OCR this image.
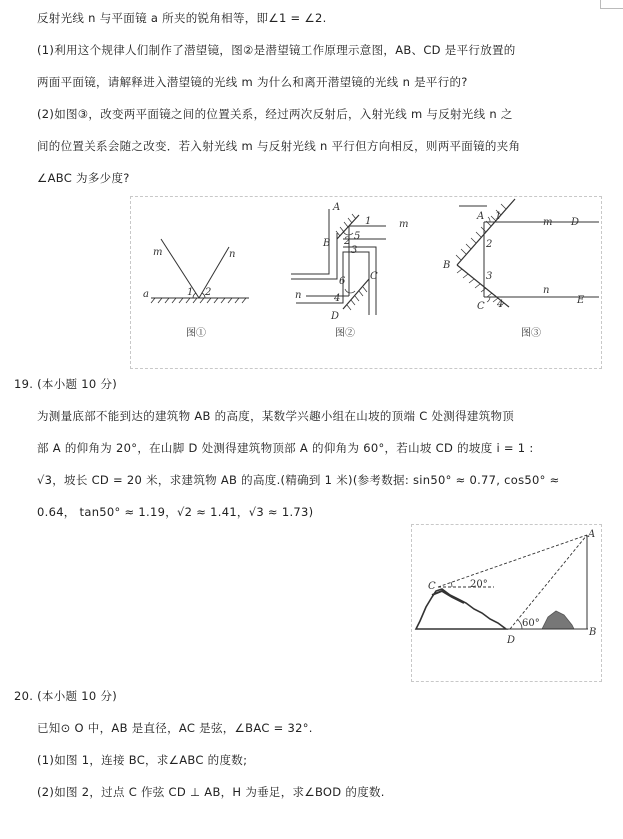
反射光线 n 与平面镜 a 所夹的锐角相等，即∠1 = ∠2.
(1)利用这个规律人们制作了潜望镜，图②是潜望镜工作原理示意图，AB、CD 是平行放置的
两面平面镜，请解释进入潜望镜的光线 m 为什么和离开潜望镜的光线 n 是平行的?
(2)如图③，改变两平面镜之间的位置关系，经过两次反射后，入射光线 m 与反射光线 n 之
间的位置关系会随之改变．若入射光线 m 与反射光线 n 平行但方向相反，则两平面镜的夹角
∠ABC 为多少度?
m	n
a	1 2
图①
A
B
C
D
m
n
1
2
3
4
5
6
图②
A
B
C
D
E
m
n
1
2
3
4
图③
19. (本小题 10 分)
为测量底部不能到达的建筑物 AB 的高度，某数学兴趣小组在山坡的顶端 C 处测得建筑物顶
部 A 的仰角为 20°，在山脚 D 处测得建筑物顶部 A 的仰角为 60°，若山坡 CD 的坡度 i = 1 :
√3，坡长 CD = 20 米，求建筑物 AB 的高度.(精确到 1 米)(参考数据: sin50° ≈ 0.77, cos50° ≈
0.64， tan50° ≈ 1.19，√2 ≈ 1.41，√3 ≈ 1.73)
A
B
C
D
20°
60°
20. (本小题 10 分)
已知⊙ O 中，AB 是直径，AC 是弦，∠BAC = 32°.
(1)如图 1，连接 BC，求∠ABC 的度数;
(2)如图 2，过点 C 作弦 CD ⊥ AB，H 为垂足，求∠BOD 的度数.
